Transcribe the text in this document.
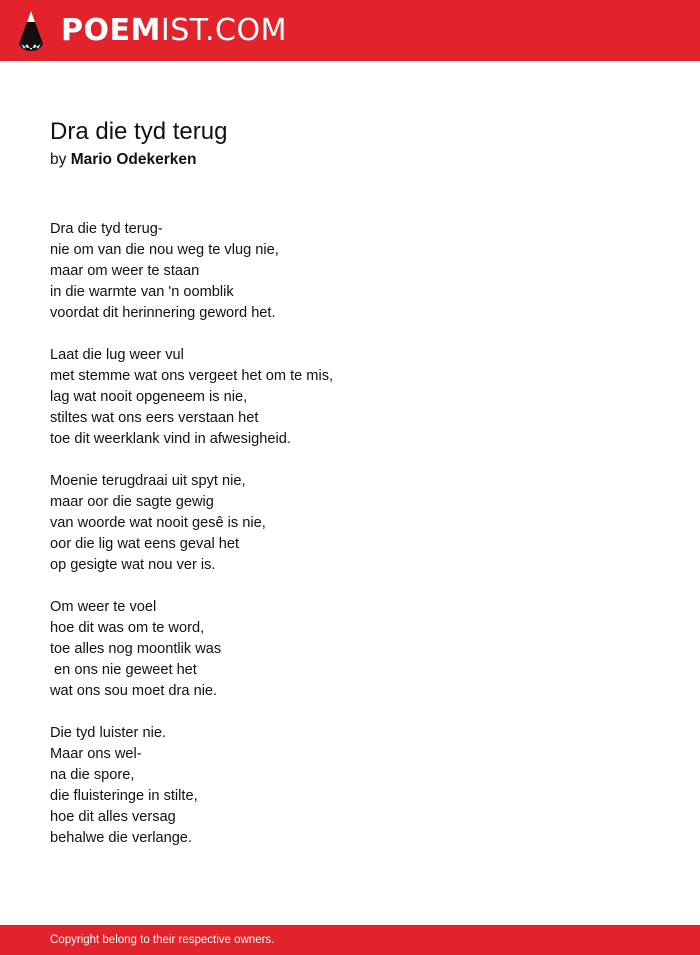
POEMIST.COM
Dra die tyd terug
by Mario Odekerken
Dra die tyd terug-
nie om van die nou weg te vlug nie,
maar om weer te staan
in die warmte van 'n oomblik
voordat dit herinnering geword het.
Laat die lug weer vul
met stemme wat ons vergeet het om te mis,
lag wat nooit opgeneem is nie,
stiltes wat ons eers verstaan het
toe dit weerklank vind in afwesigheid.
Moenie terugdraai uit spyt nie,
maar oor die sagte gewig
van woorde wat nooit gesê is nie,
oor die lig wat eens geval het
op gesigte wat nou ver is.
Om weer te voel
hoe dit was om te word,
toe alles nog moontlik was
en ons nie geweet het
wat ons sou moet dra nie.
Die tyd luister nie.
Maar ons wel-
na die spore,
die fluisteringe in stilte,
hoe dit alles versag
behalwe die verlange.
Copyright belong to their respective owners.
